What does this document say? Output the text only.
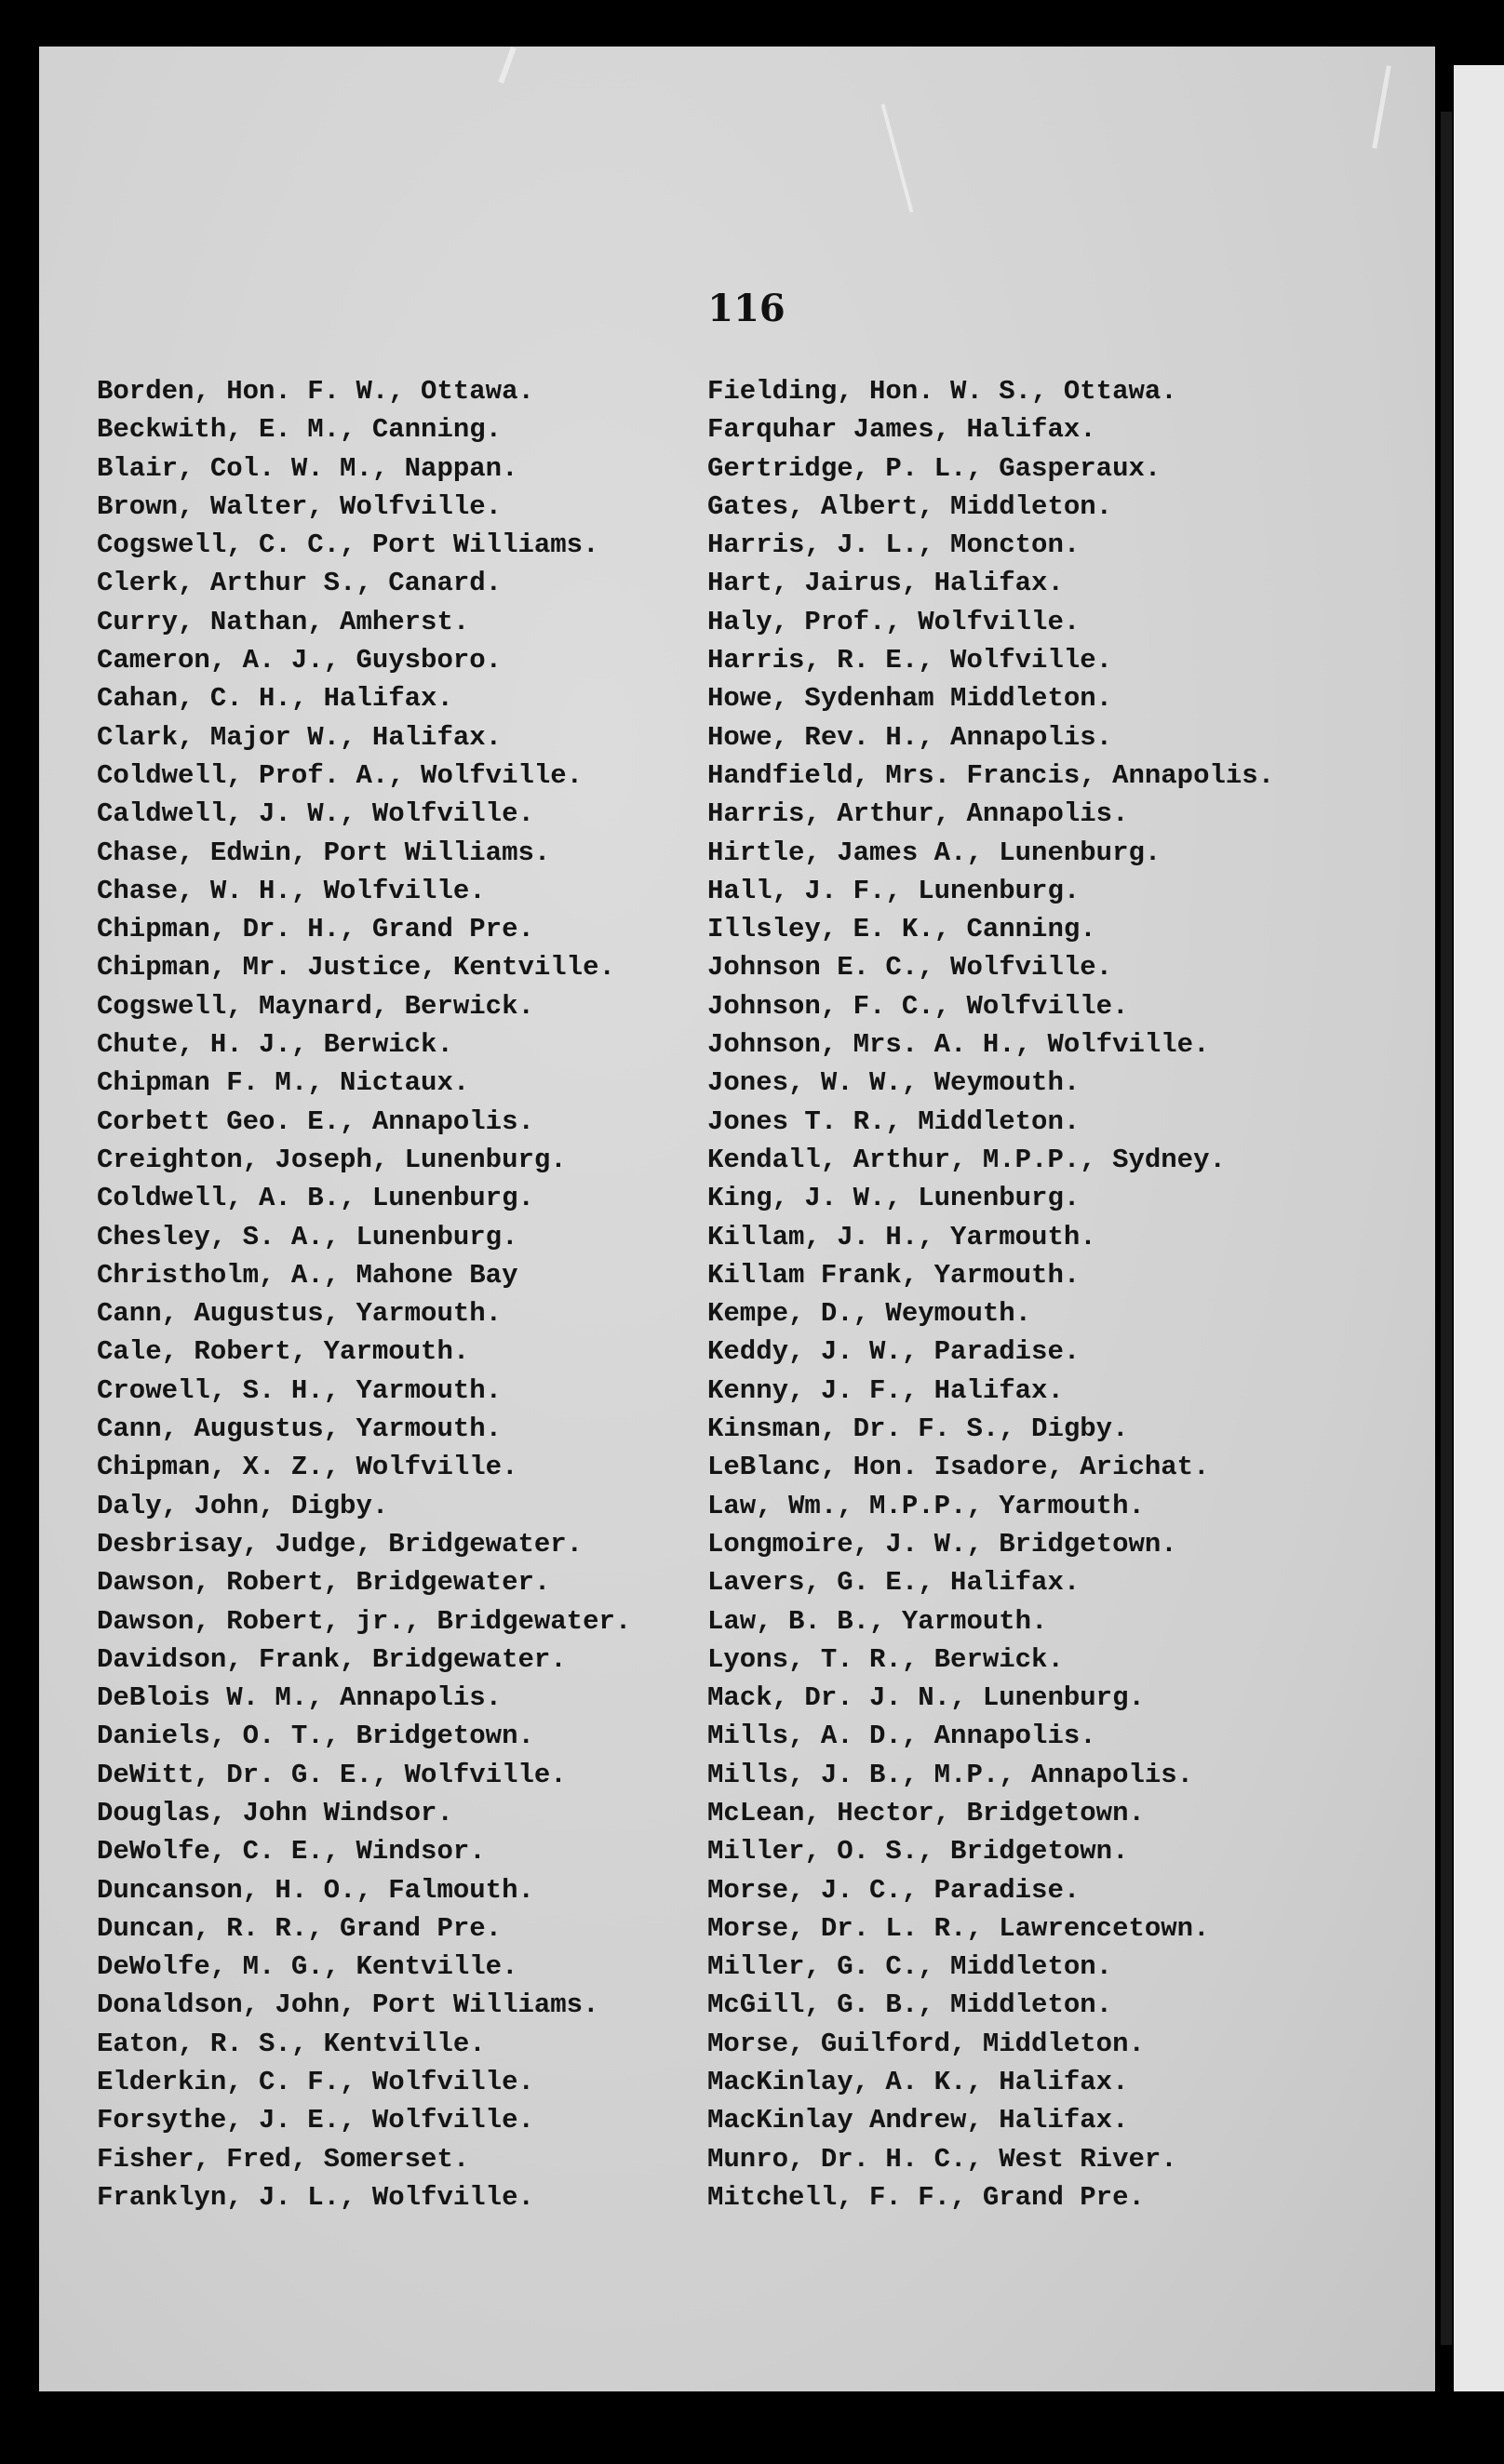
116
Borden, Hon. F. W., Ottawa.
Beckwith, E. M., Canning.
Blair, Col. W. M., Nappan.
Brown, Walter, Wolfville.
Cogswell, C. C., Port Williams.
Clerk, Arthur S., Canard.
Curry, Nathan, Amherst.
Cameron, A. J., Guysboro.
Cahan, C. H., Halifax.
Clark, Major W., Halifax.
Coldwell, Prof. A., Wolfville.
Caldwell, J. W., Wolfville.
Chase, Edwin, Port Williams.
Chase, W. H., Wolfville.
Chipman, Dr. H., Grand Pre.
Chipman, Mr. Justice, Kentville.
Cogswell, Maynard, Berwick.
Chute, H. J., Berwick.
Chipman F. M., Nictaux.
Corbett Geo. E., Annapolis.
Creighton, Joseph, Lunenburg.
Coldwell, A. B., Lunenburg.
Chesley, S. A., Lunenburg.
Christholm, A., Mahone Bay
Cann, Augustus, Yarmouth.
Cale, Robert, Yarmouth.
Crowell, S. H., Yarmouth.
Cann, Augustus, Yarmouth.
Chipman, X. Z., Wolfville.
Daly, John, Digby.
Desbrisay, Judge, Bridgewater.
Dawson, Robert, Bridgewater.
Dawson, Robert, jr., Bridgewater.
Davidson, Frank, Bridgewater.
DeBlois W. M., Annapolis.
Daniels, O. T., Bridgetown.
DeWitt, Dr. G. E., Wolfville.
Douglas, John Windsor.
DeWolfe, C. E., Windsor.
Duncanson, H. O., Falmouth.
Duncan, R. R., Grand Pre.
DeWolfe, M. G., Kentville.
Donaldson, John, Port Williams.
Eaton, R. S., Kentville.
Elderkin, C. F., Wolfville.
Forsythe, J. E., Wolfville.
Fisher, Fred, Somerset.
Franklyn, J. L., Wolfville.
Fielding, Hon. W. S., Ottawa.
Farquhar James, Halifax.
Gertridge, P. L., Gasperaux.
Gates, Albert, Middleton.
Harris, J. L., Moncton.
Hart, Jairus, Halifax.
Haly, Prof., Wolfville.
Harris, R. E., Wolfville.
Howe, Sydenham Middleton.
Howe, Rev. H., Annapolis.
Handfield, Mrs. Francis, Annapolis.
Harris, Arthur, Annapolis.
Hirtle, James A., Lunenburg.
Hall, J. F., Lunenburg.
Illsley, E. K., Canning.
Johnson E. C., Wolfville.
Johnson, F. C., Wolfville.
Johnson, Mrs. A. H., Wolfville.
Jones, W. W., Weymouth.
Jones T. R., Middleton.
Kendall, Arthur, M.P.P., Sydney.
King, J. W., Lunenburg.
Killam, J. H., Yarmouth.
Killam Frank, Yarmouth.
Kempe, D., Weymouth.
Keddy, J. W., Paradise.
Kenny, J. F., Halifax.
Kinsman, Dr. F. S., Digby.
LeBlanc, Hon. Isadore, Arichat.
Law, Wm., M.P.P., Yarmouth.
Longmoire, J. W., Bridgetown.
Lavers, G. E., Halifax.
Law, B. B., Yarmouth.
Lyons, T. R., Berwick.
Mack, Dr. J. N., Lunenburg.
Mills, A. D., Annapolis.
Mills, J. B., M.P., Annapolis.
McLean, Hector, Bridgetown.
Miller, O. S., Bridgetown.
Morse, J. C., Paradise.
Morse, Dr. L. R., Lawrencetown.
Miller, G. C., Middleton.
McGill, G. B., Middleton.
Morse, Guilford, Middleton.
MacKinlay, A. K., Halifax.
MacKinlay Andrew, Halifax.
Munro, Dr. H. C., West River.
Mitchell, F. F., Grand Pre.
